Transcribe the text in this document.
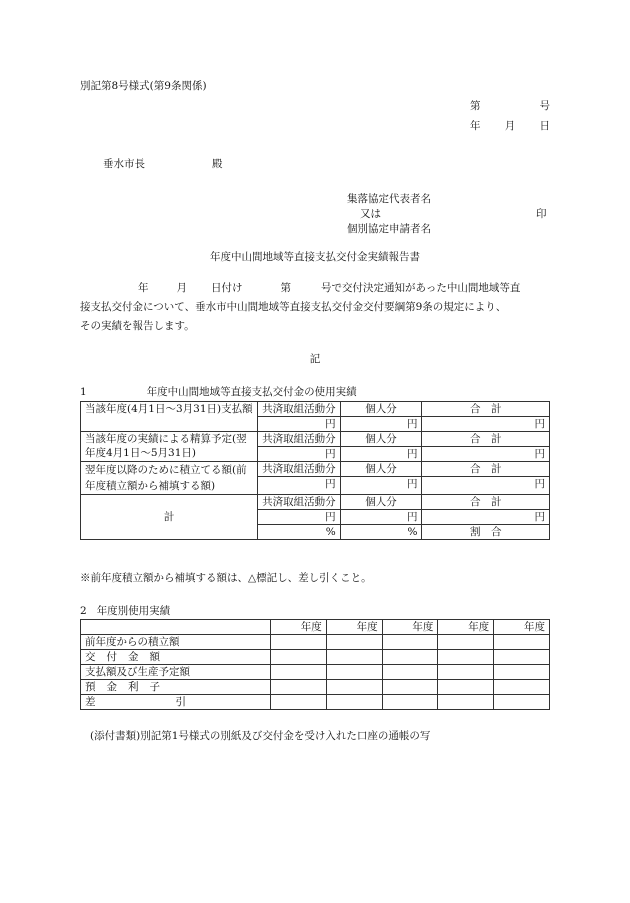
別記第8号様式(第9条関係)
第	号
年 月 日
垂水市長	殿
集落協定代表者名
又は	印
個別協定申請者名
年度中山間地域等直接支払交付金実績報告書
年	月 日付け	第	号で交付決定通知があった中山間地域等直
接支払交付金について、垂水市中山間地域等直接支払交付金交付要綱第9条の規定により、
その実績を報告します。
記
1	年度中山間地域等直接支払交付金の使用実績
当該年度(4月1日～3月31日)支払額	共済取組活動分	個人分	合　計
	円	円	円
当該年度の実績による精算予定(翌年度4月1日～5月31日)	共済取組活動分	個人分	合　計
	円	円	円
翌年度以降のために積立てる額(前年度積立額から補填する額)	共済取組活動分	個人分	合　計
	円	円	円

計	共済取組活動分	個人分	合　計
	円	円	円
	%	%	割　合
※前年度積立額から補填する額は、△標記し、差し引くこと。
2 年度別使用実績
	年度	年度	年度	年度	年度
前年度からの積立額					
交付金額					
支払額及び生産予定額					
預金利子					
差引					
(添付書類)別記第1号様式の別紙及び交付金を受け入れた口座の通帳の写
